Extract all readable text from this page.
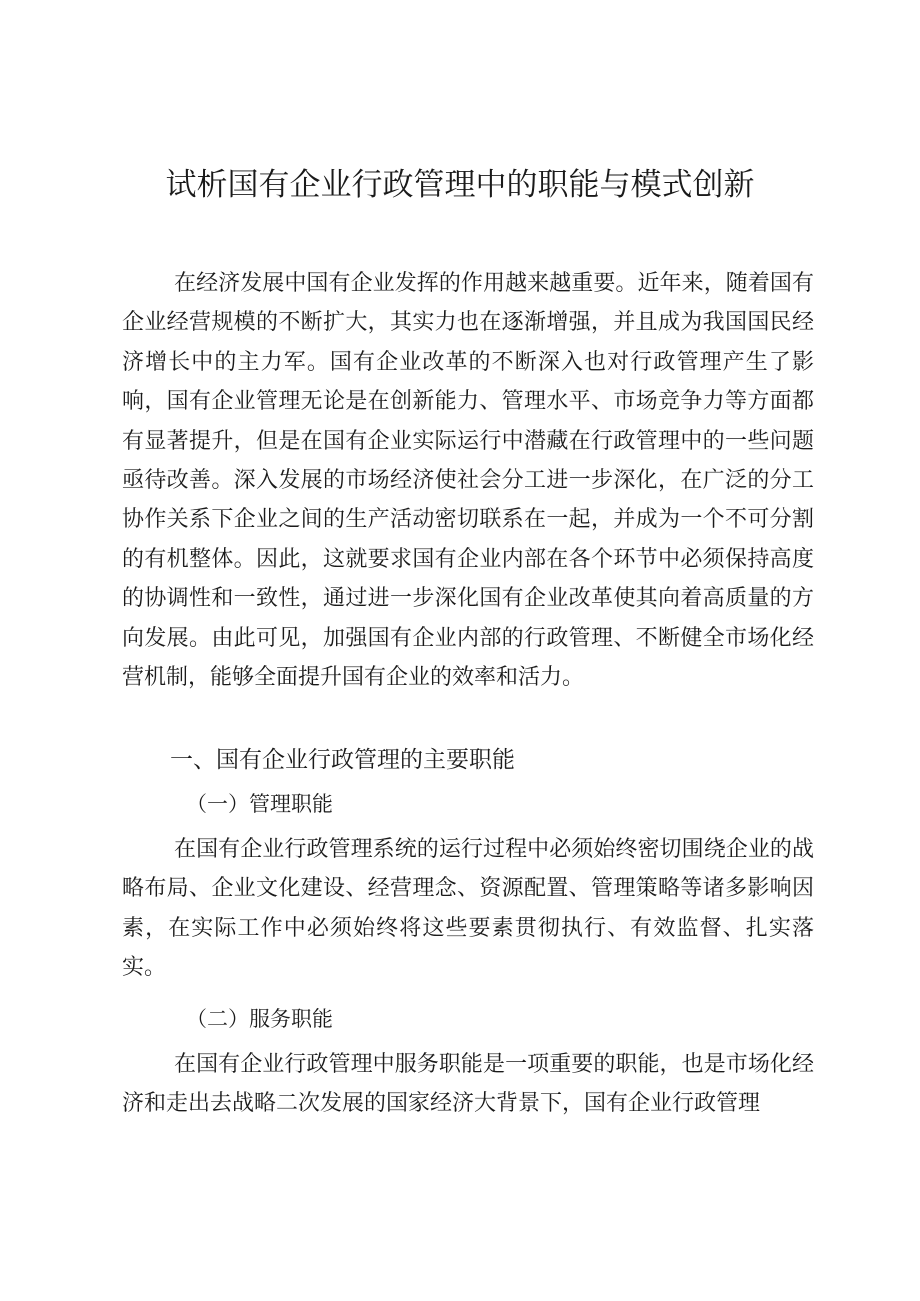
试析国有企业行政管理中的职能与模式创新

在经济发展中国有企业发挥的作用越来越重要。近年来，随着国有企业经营规模的不断扩大，其实力也在逐渐增强，并且成为我国国民经济增长中的主力军。国有企业改革的不断深入也对行政管理产生了影响，国有企业管理无论是在创新能力、管理水平、市场竞争力等方面都有显著提升，但是在国有企业实际运行中潜藏在行政管理中的一些问题亟待改善。深入发展的市场经济使社会分工进一步深化，在广泛的分工协作关系下企业之间的生产活动密切联系在一起，并成为一个不可分割的有机整体。因此，这就要求国有企业内部在各个环节中必须保持高度的协调性和一致性，通过进一步深化国有企业改革使其向着高质量的方向发展。由此可见，加强国有企业内部的行政管理、不断健全市场化经营机制，能够全面提升国有企业的效率和活力。

一、国有企业行政管理的主要职能
（一）管理职能

在国有企业行政管理系统的运行过程中必须始终密切围绕企业的战略布局、企业文化建设、经营理念、资源配置、管理策略等诸多影响因素，在实际工作中必须始终将这些要素贯彻执行、有效监督、扎实落实。

（二）服务职能

在国有企业行政管理中服务职能是一项重要的职能，也是市场化经济和走出去战略二次发展的国家经济大背景下，国有企业行政管理
